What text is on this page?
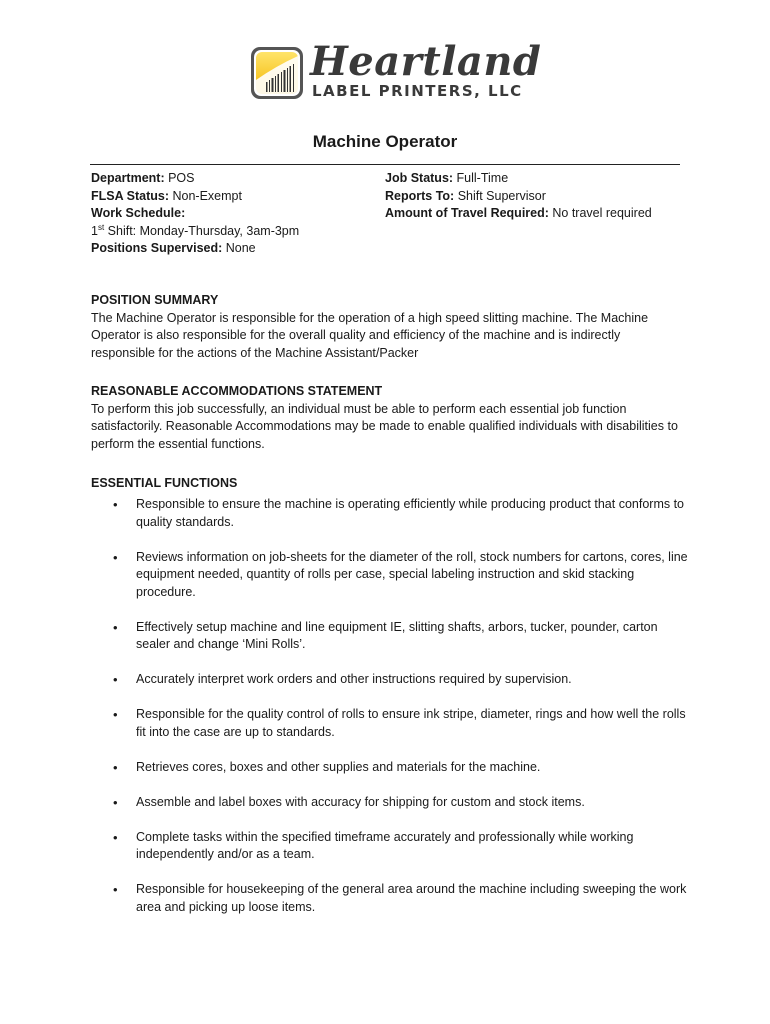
Heartland
LABEL PRINTERS, LLC
Machine Operator
Department: POS
FLSA Status: Non-Exempt
Work Schedule:
1st Shift: Monday-Thursday, 3am-3pm
Positions Supervised: None
Job Status: Full-Time
Reports To: Shift Supervisor
Amount of Travel Required: No travel required
POSITION SUMMARY

The Machine Operator is responsible for the operation of a high speed slitting machine. The Machine Operator is also responsible for the overall quality and efficiency of the machine and is indirectly responsible for the actions of the Machine Assistant/Packer

REASONABLE ACCOMMODATIONS STATEMENT

To perform this job successfully, an individual must be able to perform each essential job function satisfactorily. Reasonable Accommodations may be made to enable qualified individuals with disabilities to perform the essential functions.

ESSENTIAL FUNCTIONS
• Responsible to ensure the machine is operating efficiently while producing product that conforms to quality standards.
• Reviews information on job-sheets for the diameter of the roll, stock numbers for cartons, cores, line equipment needed, quantity of rolls per case, special labeling instruction and skid stacking procedure.
• Effectively setup machine and line equipment IE, slitting shafts, arbors, tucker, pounder, carton sealer and change ‘Mini Rolls’.
• Accurately interpret work orders and other instructions required by supervision.
• Responsible for the quality control of rolls to ensure ink stripe, diameter, rings and how well the rolls fit into the case are up to standards.
• Retrieves cores, boxes and other supplies and materials for the machine.
• Assemble and label boxes with accuracy for shipping for custom and stock items.
• Complete tasks within the specified timeframe accurately and professionally while working independently and/or as a team.
• Responsible for housekeeping of the general area around the machine including sweeping the work area and picking up loose items.
